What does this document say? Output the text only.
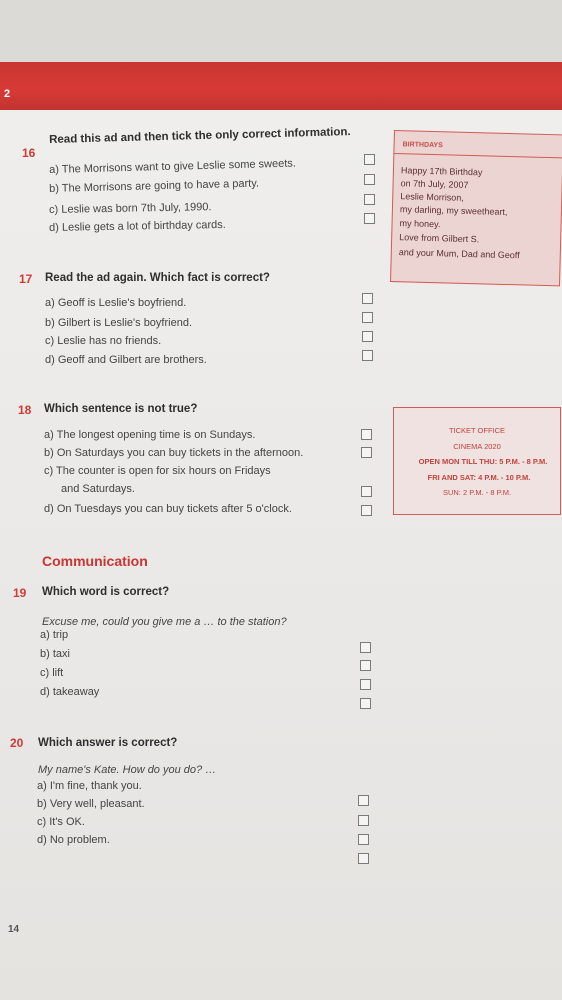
2
16
Read this ad and then tick the only correct information.
a) The Morrisons want to give Leslie some sweets.
b) The Morrisons are going to have a party.
c) Leslie was born 7th July, 1990.
d) Leslie gets a lot of birthday cards.
BIRTHDAYS
Happy 17th Birthday
on 7th July, 2007
Leslie Morrison,
my darling, my sweetheart,
my honey.
Love from Gilbert S.
and your Mum, Dad and Geoff
17 Read the ad again. Which fact is correct?
a) Geoff is Leslie's boyfriend.
b) Gilbert is Leslie's boyfriend.
c) Leslie has no friends.
d) Geoff and Gilbert are brothers.
18 Which sentence is not true?
a) The longest opening time is on Sundays.
b) On Saturdays you can buy tickets in the afternoon.
c) The counter is open for six hours on Fridays
and Saturdays.
d) On Tuesdays you can buy tickets after 5 o'clock.
TICKET OFFICE
CINEMA 2020
OPEN MON TILL THU: 5 P.M. - 8 P.M.
FRI AND SAT: 4 P.M. - 10 P.M.
SUN: 2 P.M. - 8 P.M.
Communication
19 Which word is correct?
Excuse me, could you give me a … to the station?
a) trip
b) taxi
c) lift
d) takeaway
20 Which answer is correct?
My name's Kate. How do you do? …
a) I'm fine, thank you.
b) Very well, pleasant.
c) It's OK.
d) No problem.
14
